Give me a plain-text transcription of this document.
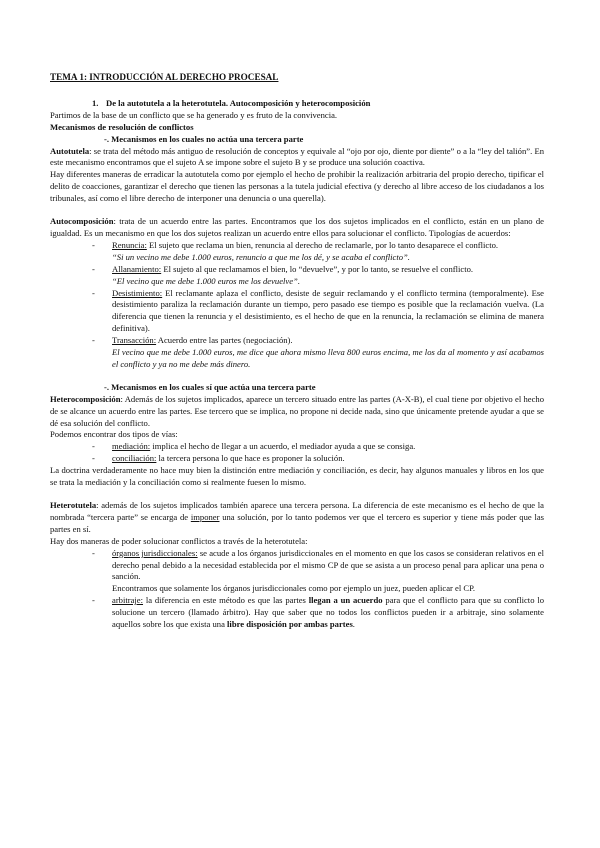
TEMA 1: INTRODUCCIÓN AL DERECHO PROCESAL

1. De la autotutela a la heterotutela. Autocomposición y heterocomposición

Partimos de la base de un conflicto que se ha generado y es fruto de la convivencia.

Mecanismos de resolución de conflictos

-. Mecanismos en los cuales no actúa una tercera parte

Autotutela: se trata del método más antiguo de resolución de conceptos y equivale al “ojo por ojo, diente por diente” o a la “ley del talión”. En este mecanismo encontramos que el sujeto A se impone sobre el sujeto B y se produce una solución coactiva.

Hay diferentes maneras de erradicar la autotutela como por ejemplo el hecho de prohibir la realización arbitraria del propio derecho, tipificar el delito de coacciones, garantizar el derecho que tienen las personas a la tutela judicial efectiva (y derecho al libre acceso de los ciudadanos a los tribunales, así como el libre derecho de interponer una denuncia o una querella).

Autocomposición: trata de un acuerdo entre las partes. Encontramos que los dos sujetos implicados en el conflicto, están en un plano de igualdad. Es un mecanismo en que los dos sujetos realizan un acuerdo entre ellos para solucionar el conflicto. Tipologías de acuerdos:

- Renuncia: El sujeto que reclama un bien, renuncia al derecho de reclamarle, por lo tanto desaparece el conflicto.

“Si un vecino me debe 1.000 euros, renuncio a que me los dé, y se acaba el conflicto”.

- Allanamiento: El sujeto al que reclamamos el bien, lo “devuelve”, y por lo tanto, se resuelve el conflicto.

“El vecino que me debe 1.000 euros me los devuelve”.

- Desistimiento: El reclamante aplaza el conflicto, desiste de seguir reclamando y el conflicto termina (temporalmente). Ese desistimiento paraliza la reclamación durante un tiempo, pero pasado ese tiempo es posible que la reclamación vuelva. (La diferencia que tienen la renuncia y el desistimiento, es el hecho de que en la renuncia, la reclamación se elimina de manera definitiva).
- Transacción: Acuerdo entre las partes (negociación).

El vecino que me debe 1.000 euros, me dice que ahora mismo lleva 800 euros encima, me los da al momento y así acabamos el conflicto y ya no me debe más dinero.

-. Mecanismos en los cuales sí que actúa una tercera parte

Heterocomposición: Además de los sujetos implicados, aparece un tercero situado entre las partes (A-X-B), el cual tiene por objetivo el hecho de se alcance un acuerdo entre las partes. Ese tercero que se implica, no propone ni decide nada, sino que únicamente pretende ayudar a que se dé esa solución del conflicto.

Podemos encontrar dos tipos de vías:

- mediación: implica el hecho de llegar a un acuerdo, el mediador ayuda a que se consiga.
- conciliación: la tercera persona lo que hace es proponer la solución.

La doctrina verdaderamente no hace muy bien la distinción entre mediación y conciliación, es decir, hay algunos manuales y libros en los que se trata la mediación y la conciliación como si realmente fuesen lo mismo.

Heterotutela: además de los sujetos implicados también aparece una tercera persona. La diferencia de este mecanismo es el hecho de que la nombrada “tercera parte” se encarga de imponer una solución, por lo tanto podemos ver que el tercero es superior y tiene más poder que las partes en sí.

Hay dos maneras de poder solucionar conflictos a través de la heterotutela:

- órganos jurisdiccionales: se acude a los órganos jurisdiccionales en el momento en que los casos se consideran relativos en el derecho penal debido a la necesidad establecida por el mismo CP de que se asista a un proceso penal para aplicar una pena o sanción.

Encontramos que solamente los órganos jurisdiccionales como por ejemplo un juez, pueden aplicar el CP.

- arbitraje: la diferencia en este método es que las partes llegan a un acuerdo para que el conflicto para que su conflicto lo solucione un tercero (llamado árbitro). Hay que saber que no todos los conflictos pueden ir a arbitraje, sino solamente aquellos sobre los que exista una libre disposición por ambas partes.
